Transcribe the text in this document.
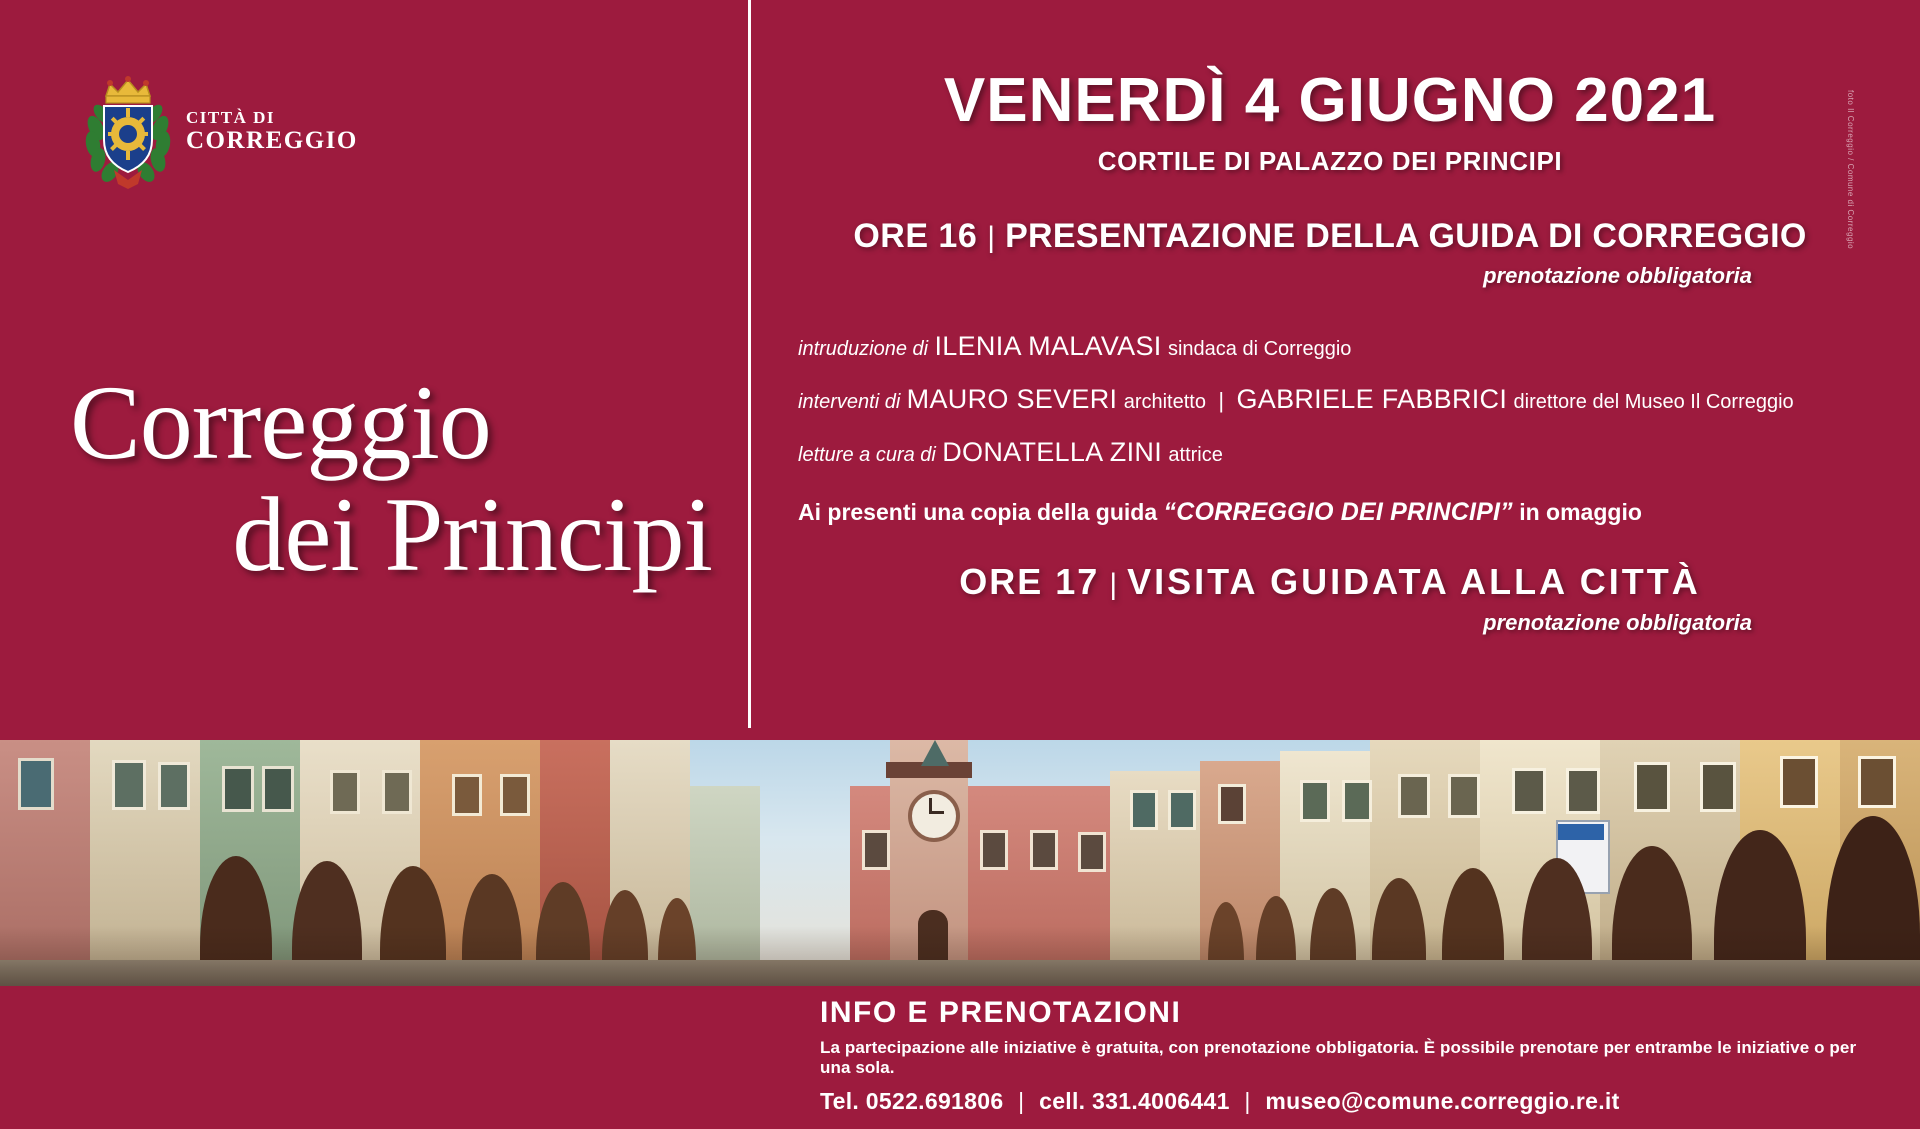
CITTÀ DI
CORREGGIO
Correggio
dei Principi
VENERDÌ 4 GIUGNO 2021
CORTILE DI PALAZZO DEI PRINCIPI
ORE 16 | PRESENTAZIONE DELLA GUIDA DI CORREGGIO
prenotazione obbligatoria
intruduzione di ILENIA MALAVASI sindaca di Correggio
interventi di MAURO SEVERI architetto | GABRIELE FABBRICI direttore del Museo Il Correggio
letture a cura di DONATELLA ZINI attrice
Ai presenti una copia della guida “CORREGGIO DEI PRINCIPI” in omaggio
ORE 17 | VISITA GUIDATA ALLA CITTÀ
prenotazione obbligatoria
foto Il Correggio / Comune di Correggio
INFO E PRENOTAZIONI
La partecipazione alle iniziative è gratuita, con prenotazione obbligatoria. È possibile prenotare per entrambe le iniziative o per una sola.
Tel. 0522.691806 | cell. 331.4006441 | museo@comune.correggio.re.it
